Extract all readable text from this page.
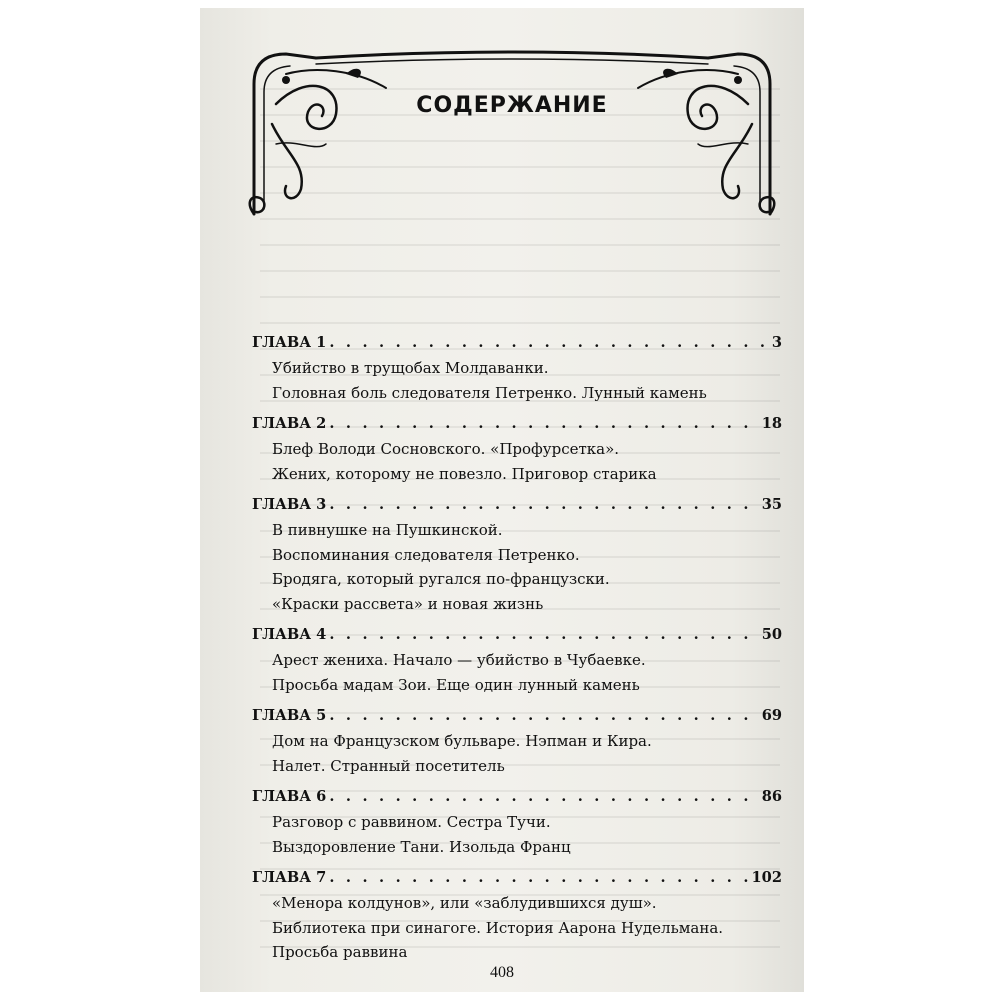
СОДЕРЖАНИЕ
ГЛАВА 1 . . .	3
Убийство в трущобах Молдаванки.
Головная боль следователя Петренко. Лунный камень
ГЛАВА 2 . . .	18
Блеф Володи Сосновского. «Профурсетка».
Жених, которому не повезло. Приговор старика
ГЛАВА 3 . . .	35
В пивнушке на Пушкинской.
Воспоминания следователя Петренко.
Бродяга, который ругался по-французски.
«Краски рассвета» и новая жизнь
ГЛАВА 4 . . .	50
Арест жениха. Начало — убийство в Чубаевке.
Просьба мадам Зои. Еще один лунный камень
ГЛАВА 5 . . .	69
Дом на Французском бульваре. Нэпман и Кира.
Налет. Странный посетитель
ГЛАВА 6 . . .	86
Разговор с раввином. Сестра Тучи.
Выздоровление Тани. Изольда Франц
ГЛАВА 7 . . .	102
«Менора колдунов», или «заблудившихся душ».
Библиотека при синагоге. История Аарона Нудельмана.
Просьба раввина
408
